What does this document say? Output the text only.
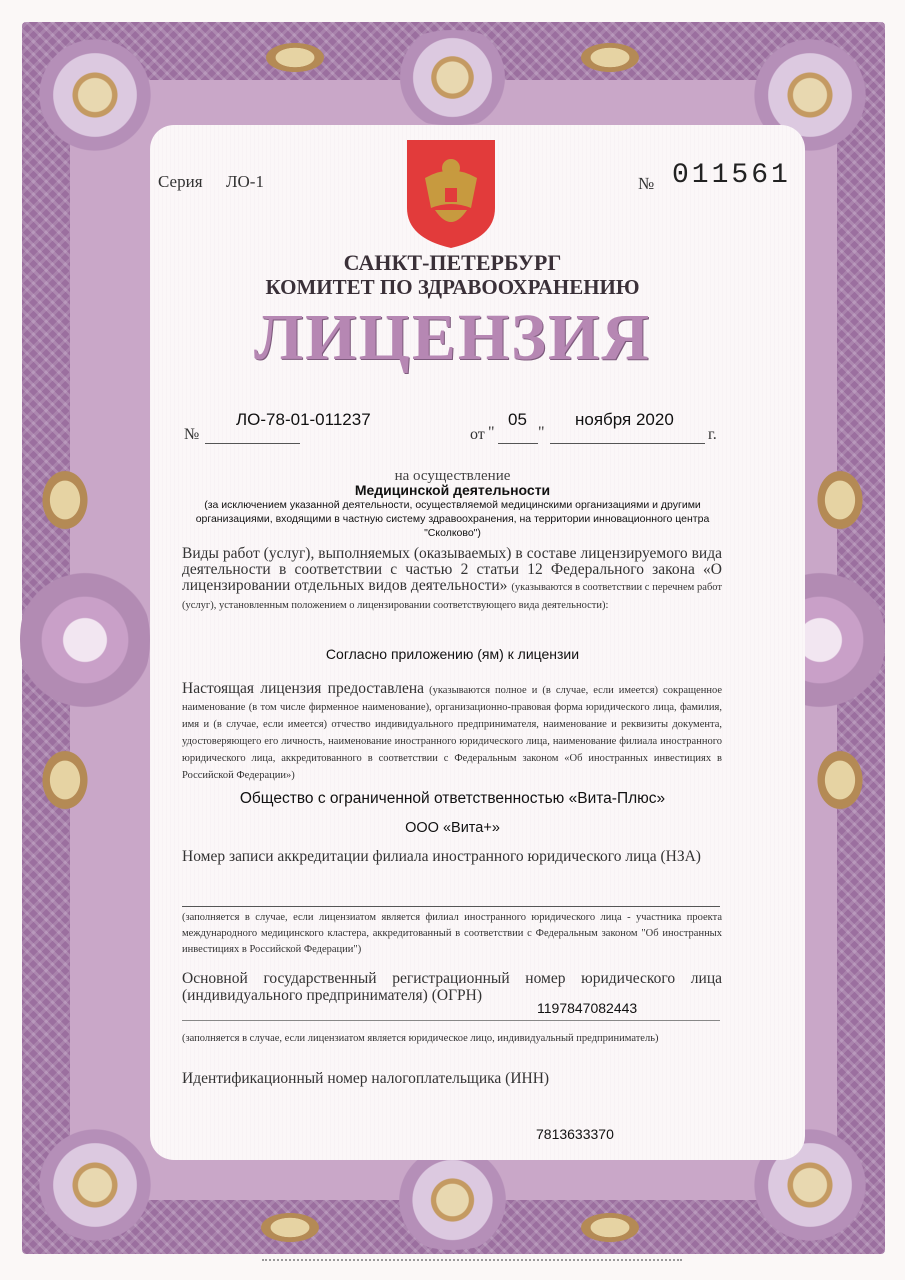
Серия ЛО-1	№ 011561
САНКТ-ПЕТЕРБУРГ
КОМИТЕТ ПО ЗДРАВООХРАНЕНИЮ
ЛИЦЕНЗИЯ
№
ЛО-78-01-011237
от "
05
"
ноября 2020
г.
на осуществление
Медицинской деятельности
(за исключением указанной деятельности, осуществляемой медицинскими организациями и другими организациями, входящими в частную систему здравоохранения, на территории инновационного центра "Сколково")
Виды работ (услуг), выполняемых (оказываемых) в составе лицензируемого вида деятельности в соответствии с частью 2 статьи 12 Федерального закона «О лицензировании отдельных видов деятельности» (указываются в соответствии с перечнем работ (услуг), установленным положением о лицензировании соответствующего вида деятельности):
Согласно приложению (ям) к лицензии
Настоящая лицензия предоставлена (указываются полное и (в случае, если имеется) сокращенное наименование (в том числе фирменное наименование), организационно-правовая форма юридического лица, фамилия, имя и (в случае, если имеется) отчество индивидуального предпринимателя, наименование и реквизиты документа, удостоверяющего его личность, наименование иностранного юридического лица, наименование филиала иностранного юридического лица, аккредитованного в соответствии с Федеральным законом «Об иностранных инвестициях в Российской Федерации»)
Общество с ограниченной ответственностью «Вита-Плюс»
ООО «Вита+»
Номер записи аккредитации филиала иностранного юридического лица (НЗА)
(заполняется в случае, если лицензиатом является филиал иностранного юридического лица - участника проекта международного медицинского кластера, аккредитованный в соответствии с Федеральным законом "Об иностранных инвестициях в Российской Федерации")
Основной государственный регистрационный номер юридического лица (индивидуального предпринимателя) (ОГРН)
1197847082443
(заполняется в случае, если лицензиатом является юридическое лицо, индивидуальный предприниматель)
Идентификационный номер налогоплательщика (ИНН)
7813633370
